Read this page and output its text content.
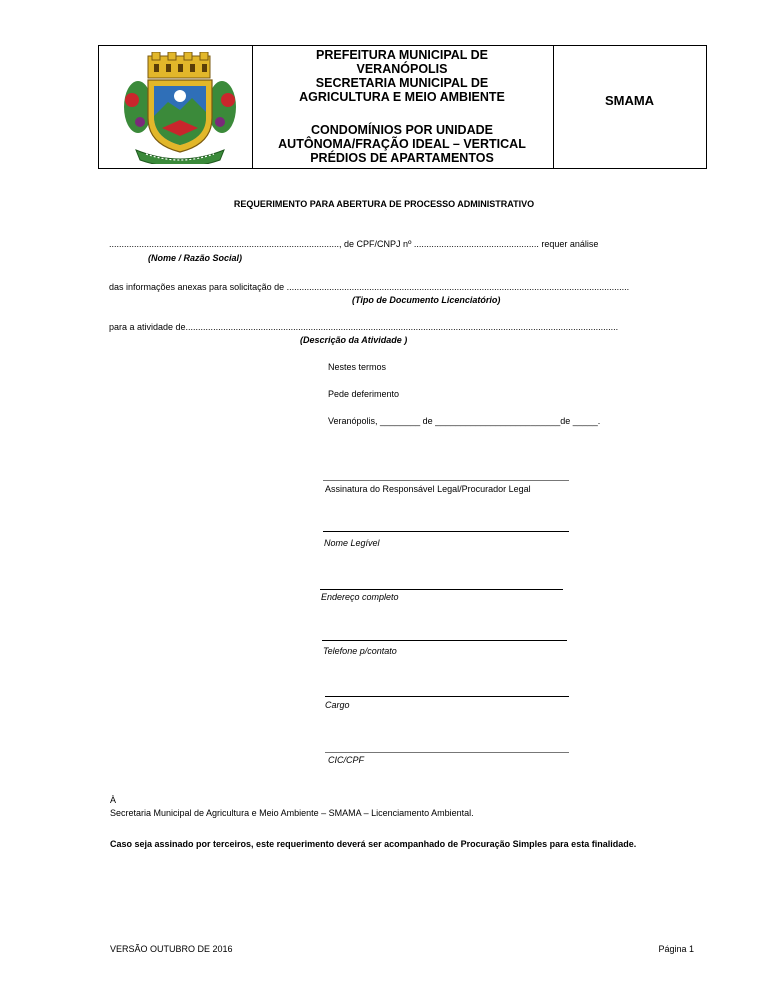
PREFEITURA MUNICIPAL DE
VERANÓPOLIS
SECRETARIA MUNICIPAL DE
AGRICULTURA E MEIO AMBIENTE
CONDOMÍNIOS POR UNIDADE
AUTÔNOMA/FRAÇÃO IDEAL – VERTICAL
PRÉDIOS DE APARTAMENTOS
SMAMA
REQUERIMENTO PARA ABERTURA DE PROCESSO ADMINISTRATIVO
............................................................................................, de CPF/CNPJ nº .................................................. requer análise
(Nome / Razão Social)
das informações anexas para solicitação de .........................................................................................................................................
(Tipo de Documento Licenciatório)
para a atividade de.............................................................................................................................................................................
(Descrição da Atividade )
Nestes termos
Pede deferimento
Veranópolis, ________ de _________________________de _____.
Assinatura do Responsável Legal/Procurador Legal
Nome Legível
Endereço completo
Telefone p/contato
Cargo
CIC/CPF
À
Secretaria Municipal de Agricultura e Meio Ambiente – SMAMA – Licenciamento Ambiental.
Caso seja assinado por terceiros, este requerimento deverá ser acompanhado de Procuração Simples para esta finalidade.
VERSÃO OUTUBRO DE 2016	Página 1
